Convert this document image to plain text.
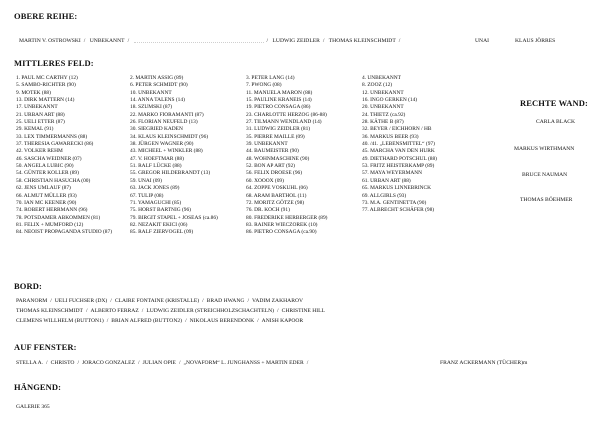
OBERE REIHE:
MARTIN V. OSTROWSKI / UNBEKANNT /	/ LUDWIG ZEIDLER / THOMAS KLEINSCHMIDT /	UNAI	KLAUS JÖRRES
MITTLERES FELD:
1. PAUL MC CARTHY (12)
5. SAMBO-RICHTER (90)
9. MOTEK (88)
13. DIRK MATTERN (14)
17. UNBEKANNT
21. URBAN ART (88)
25. UELI ETTER (87)
29. KEMAL (91)
33. LEX TIMMERMANNS (88)
37. THERESIA GAWARECKI (86)
42. VOLKER REHM
46. SASCHA WEIDNER (07)
50. ANGELA LUBIC (90)
54. GÜNTER KOLLER (89)
58. CHRISTIAN HASUCHA (00)
62. JENS UMLAUF (87)
66. ALMUT MÜLLER (93)
70. IAN MC KEENER (90)
74. ROBERT HERRMANN (96)
78. POTSDAMER ABKOMMEN (81)
81. FELIX + MUMFORD (12)
84. NEOIST PROPAGANDA STUDIO (87)
2. MARTIN ASSIG (89)
6. PETER SCHMIDT (90)
10. UNBEKANNT
14. ANNA TALENS (14)
18. SZUMSKI (87)
22. MARKO FIORAMANTI (87)
26. FLORIAN NEUFELD (13)
30. SIEGRIED KADEN
34. KLAUS KLEINSCHMIDT (96)
38. JÜRGEN WAGNER (90)
43. MICHEEL + WINKLER (88)
47. V. HOEFTMAR (88)
51. RALF LÜCKE (88)
55. GREGOR HILDEBRANDT (13)
59. UNAI (09)
63. JACK JONES (89)
67. TULIP (08)
71. YAMAGUCHI (85)
75. HORST BARTNIG (96)
79. BIRGIT STAPEL + JOSEAS (ca.86)
82. NEZAKIT EKICI (06)
85. RALF ZIERVOGEL (09)
3. PETER LANG (14)
7. PWONG (08)
11. MANUELA MARON (88)
15. PAULINE KRANEIS (14)
19. PIETRO CONSAGA (86)
23. CHARLOTTE HERZOG (86-88)
27. TILMANN WENDLAND (14)
31. LUDWIG ZEIDLER (81)
35. PIERRE MAILLE (09)
39. UNBEKANNT
44. BAUMEISTER (90)
48. WOHNMASCHINE (90)
52. BON AP ART (92)
56. FELIX DROESE (96)
60. XOOOX (09)
64. ZOPPE VOSKUHL (06)
68. ARAM BARTHOL (11)
72. MORITZ GÖTZE (98)
76. DR. KOCH (91)
80. FREDERIKE HERBERGER (89)
83. RAINER WIECZOREK (10)
86. PIETRO CONSAGA (ca.90)
4. UNBEKANNT
8. ZOOZ (12)
12. UNBEKANNT
16. INGO GERKEN (14)
20. UNBEKANNT
24. THIETZ (ca.92)
28. KÄTHE B (87)
32. BEYER / EICHHORN / HB
36. MARKUS BEER (93)
40. /41. „LEBENSMITTEL“ (97)
45. MARCHA VAN DEN HURK
49. DIETHARD POTSCHUL (88)
53. FRITZ HEISTERKAMP (89)
57. MAYA WEYERMANN
61. URBAN ART (88)
65. MARKUS LINNEBRINCK
69. ALLGIRLS (93)
73. M.A. GENTINETTA (90)
77. ALBRECHT SCHÄFER (98)
RECHTE WAND:
CARLA BLACK
MARKUS WIRTHMANN
BRUCE NAUMAN
THOMAS BÖEHMER
BORD:
PARANORM / UELI FUCHSER (DX) / CLAIRE FONTAINE (KRISTALLE) / BRAD HWANG / VADIM ZAKHAROV
THOMAS KLEINSCHMIDT / ALBERTO FERRAZ / LUDWIG ZEIDLER (STREICHHOLZSCHACHTELN) / CHRISTINE HILL
CLEMENS WILLHELM (BUTTON1) / BRIAN ALFRED (BUTTON2) / NIKOLAUS BERENDONK / ANISH KAPOOR
AUF FENSTER:
STELLA A. / CHRISTO / JORACO GONZALEZ / JULIAN OPIE / „NOVAFORM“ L. JUNGHANSS + MARTIN EDER /	FRANZ ACKERMANN (TÜCHER)m
HÄNGEND:
GALERIE 365
